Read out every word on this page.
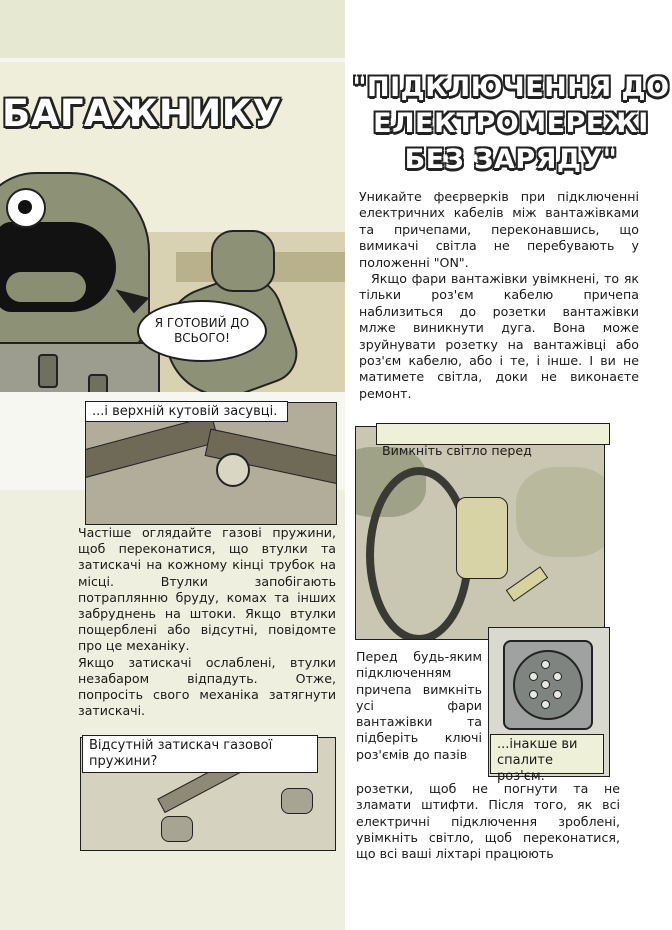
БАГАЖНИКУ
Я ГОТОВИЙ ДО ВСЬОГО!
...і верхній кутовій засувці.

Частіше оглядайте газові пружини, щоб переконатися, що втулки та затискачі на кожному кінці трубок на місці. Втулки запобігають потраплянню бруду, комах та інших забруднень на штоки. Якщо втулки пощерблені або відсутні, повідомте про це механіку.

Якщо затискачі ослаблені, втулки незабаром відпадуть. Отже, попросіть свого механіка затягнути затискачі.

Відсутній затискач газової пружини?
"ПІДКЛЮЧЕННЯ ДО
ЕЛЕКТРОМЕРЕЖІ
БЕЗ ЗАРЯДУ"

Уникайте феєрверків при підключенні електричних кабелів між вантажівками та причепами, переконавшись, що вимикачі світла не перебувають у положенні "ON".

Якщо фари вантажівки увімкнені, то як тільки роз'єм кабелю причепа наблизиться до розетки вантажівки млже виникнути дуга. Вона може зруйнувати розетку на вантажівці або роз'єм кабелю, або і те, і інше. І ви не матимете світла, доки не виконаєте ремонт.

Вимкніть світло перед
...інакше ви спалите роз'єм.
Перед будь-яким підключенням причепа вимкніть усі фари вантажівки та підберіть ключі роз'ємів до пазів
розетки, щоб не погнути та не зламати штифти. Після того, як всі електричні підключення зроблені, увімкніть світло, щоб переконатися, що всі ваші ліхтарі працюють
